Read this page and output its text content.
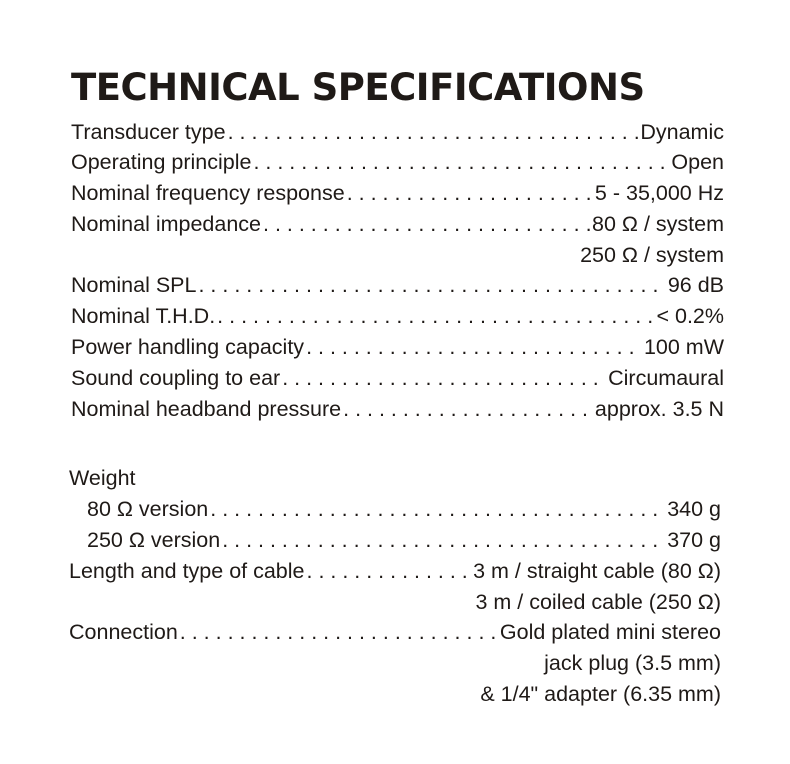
TECHNICAL SPECIFICATIONS
Transducer type . . .	Dynamic
Operating principle . . .	Open
Nominal frequency response . . .	5 - 35,000 Hz
Nominal impedance . . .	80 Ω / system
250 Ω / system
Nominal SPL . . .	96 dB
Nominal T.H.D. . . .	< 0.2%
Power handling capacity . . .	100 mW
Sound coupling to ear . . .	Circumaural
Nominal headband pressure . . .	approx. 3.5 N
Weight
80 Ω version . . .	340 g
250 Ω version . . .	370 g
Length and type of cable . . .	3 m / straight cable (80 Ω)
3 m / coiled cable (250 Ω)
Connection . . .	Gold plated mini stereo
jack plug (3.5 mm)
& 1/4" adapter (6.35 mm)
